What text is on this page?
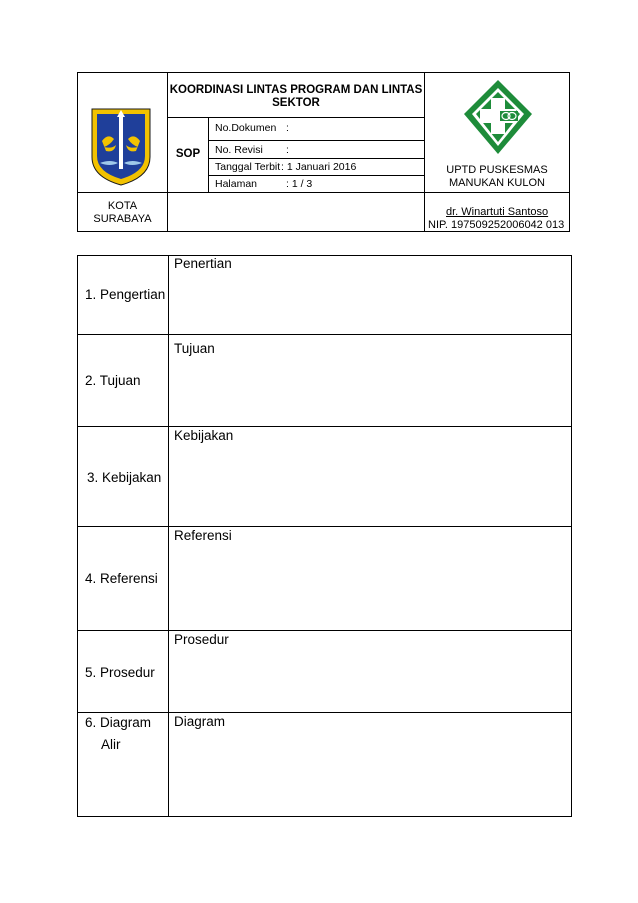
KOTA
SURABAYA
KOORDINASI LINTAS PROGRAM DAN LINTAS SEKTOR
SOP
No.Dokumen :
No. Revisi :
Tanggal Terbit : 1 Januari 2016
Halaman	: 1 / 3
UPTD PUSKESMAS
MANUKAN KULON
dr. Winartuti Santoso
NIP. 197509252006042 013
1. Pengertian
Penertian
2. Tujuan
Tujuan
3. Kebijakan
Kebijakan
4. Referensi
Referensi
5. Prosedur
Prosedur
6. Diagram
Alir
Diagram
